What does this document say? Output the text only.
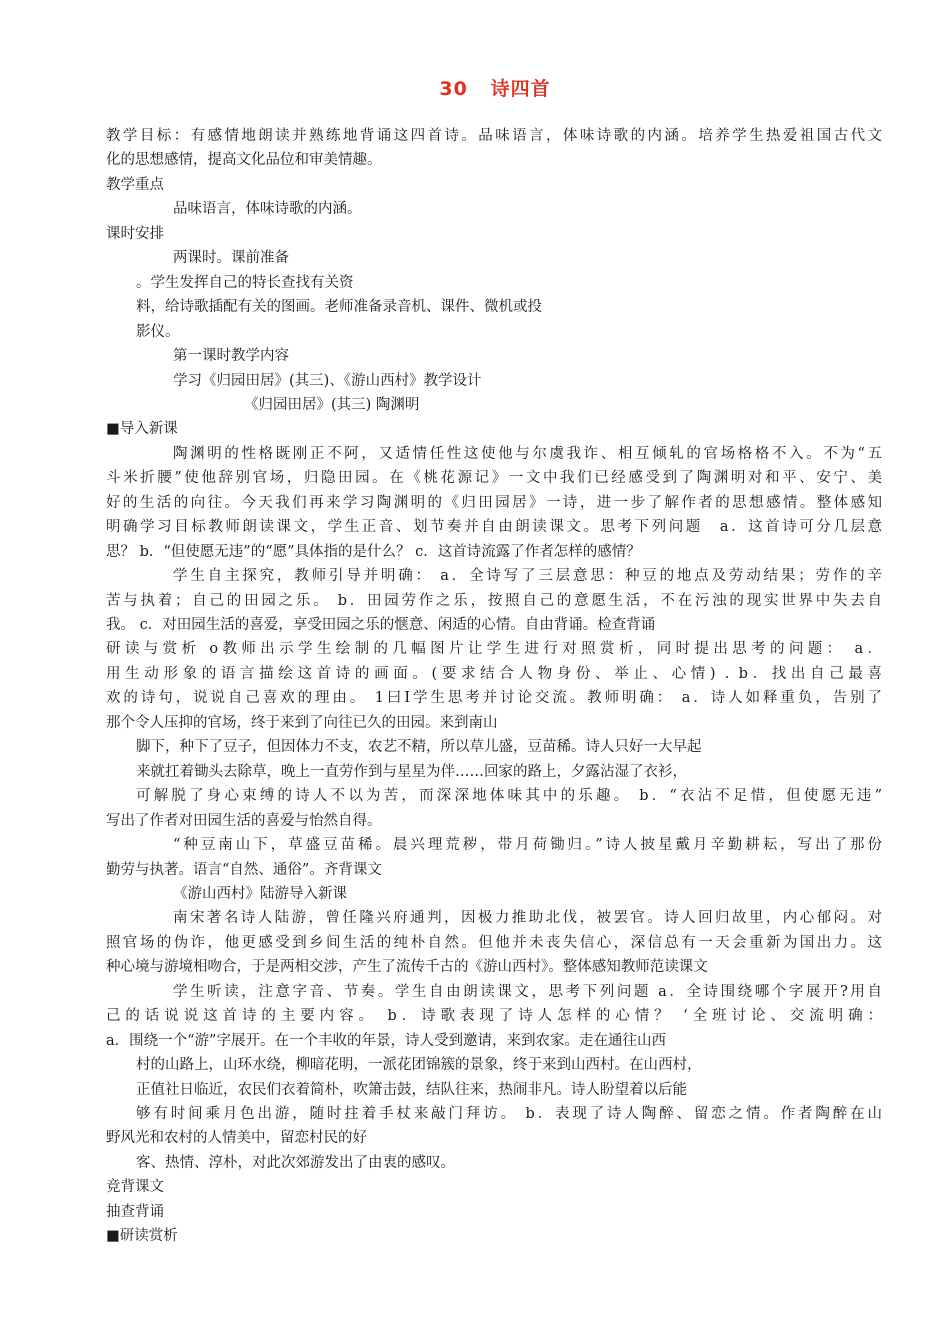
30   诗四首
教学目标：有感情地朗读并熟练地背诵这四首诗。品味语言，体味诗歌的内涵。培养学生热爱祖国古代文
化的思想感情，提高文化品位和审美情趣。
教学重点
品味语言，体味诗歌的内涵。
课时安排
两课时。课前准备
。学生发挥自己的特长查找有关资
料，给诗歌插配有关的图画。老师准备录音机、课件、微机或投
影仪。
第一课时教学内容
学习《归园田居》(其三)、《游山西村》教学设计
《归园田居》(其三) 陶渊明
■导入新课
陶渊明的性格既刚正不阿，又适情任性这使他与尔虞我诈、相互倾轧的官场格格不入。不为“五
斗米折腰”使他辞别官场，归隐田园。在《桃花源记》一文中我们已经感受到了陶渊明对和平、安宁、美
好的生活的向往。今天我们再来学习陶渊明的《归田园居》一诗，进一步了解作者的思想感情。整体感知
明确学习目标教师朗读课文，学生正音、划节奏并自由朗读课文。思考下列问题　a．这首诗可分几层意
思？ b．“但使愿无违”的“愿”具体指的是什么？ c．这首诗流露了作者怎样的感情？
学生自主探究，教师引导并明确： a．全诗写了三层意思：种豆的地点及劳动结果；劳作的辛
苦与执着；自己的田园之乐。 b．田园劳作之乐，按照自己的意愿生活，不在污浊的现实世界中失去自
我。 c．对田园生活的喜爱，享受田园之乐的惬意、闲适的心情。自由背诵。检查背诵
研读与赏析 o教师出示学生绘制的几幅图片让学生进行对照赏析，同时提出思考的问题： a．
用生动形象的语言描绘这首诗的画面。(要求结合人物身份、举止、心情) . b．找出自己最喜
欢的诗句，说说自己喜欢的理由。 1曰I学生思考并讨论交流。教师明确： a．诗人如释重负，告别了
那个令人压抑的官场，终于来到了向往已久的田园。来到南山
脚下，种下了豆子，但因体力不支，农艺不精，所以草儿盛，豆苗稀。诗人只好一大早起
来就扛着锄头去除草，晚上一直劳作到与星星为伴……回家的路上，夕露沾湿了衣衫，
可解脱了身心束缚的诗人不以为苦，而深深地体味其中的乐趣。 b．“衣沾不足惜，但使愿无违”
写出了作者对田园生活的喜爱与怡然自得。
“种豆南山下，草盛豆苗稀。晨兴理荒秽，带月荷锄归。”诗人披星戴月辛勤耕耘，写出了那份
勤劳与执著。语言“自然、通俗”。齐背课文
《游山西村》陆游导入新课
南宋著名诗人陆游，曾任隆兴府通判，因极力推助北伐，被罢官。诗人回归故里，内心郁闷。对
照官场的伪诈，他更感受到乡间生活的纯朴自然。但他并未丧失信心，深信总有一天会重新为国出力。这
种心境与游境相吻合，于是两相交涉，产生了流传千古的《游山西村》。整体感知教师范读课文
学生听读，注意字音、节奏。学生自由朗读课文，思考下列问题 a．全诗围绕哪个字展开?用自
己的话说说这首诗的主要内容。 b．诗歌表现了诗人怎样的心情？ ‘全班讨论、交流明确：
a．围绕一个“游”字展开。在一个丰收的年景，诗人受到邀请，来到农家。走在通往山西
村的山路上，山环水绕，柳暗花明，一派花团锦簇的景象，终于来到山西村。在山西村，
正值社日临近，农民们衣着简朴，吹箫击鼓，结队往来，热闹非凡。诗人盼望着以后能
够有时间乘月色出游，随时拄着手杖来敲门拜访。 b．表现了诗人陶醉、留恋之情。作者陶醉在山
野风光和农村的人情美中，留恋村民的好
客、热情、淳朴，对此次郊游发出了由衷的感叹。
竞背课文
抽查背诵
■研读赏析
